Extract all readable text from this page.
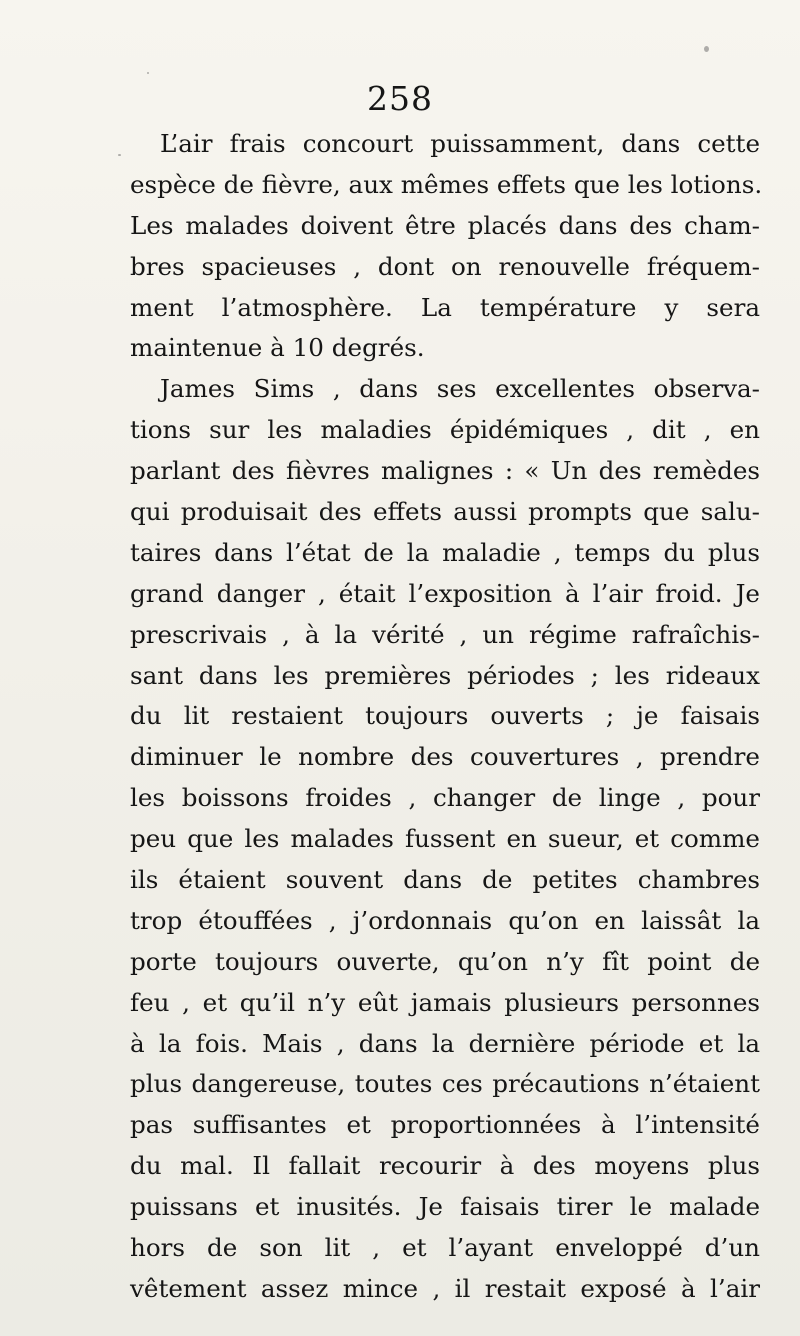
258
L’air frais concourt puissamment, dans cette
espèce de fièvre, aux mêmes effets que les lotions.
Les malades doivent être placés dans des cham-
bres spacieuses , dont on renouvelle fréquem-
ment l’atmosphère. La température y sera
maintenue à 10 degrés.
James Sims , dans ses excellentes observa-
tions sur les maladies épidémiques , dit , en
parlant des fièvres malignes : « Un des remèdes
qui produisait des effets aussi prompts que salu-
taires dans l’état de la maladie , temps du plus
grand danger , était l’exposition à l’air froid. Je
prescrivais , à la vérité , un régime rafraîchis-
sant dans les premières périodes ; les rideaux
du lit restaient toujours ouverts ; je faisais
diminuer le nombre des couvertures , prendre
les boissons froides , changer de linge , pour
peu que les malades fussent en sueur, et comme
ils étaient souvent dans de petites chambres
trop étouffées , j’ordonnais qu’on en laissât la
porte toujours ouverte, qu’on n’y fît point de
feu , et qu’il n’y eût jamais plusieurs personnes
à la fois. Mais , dans la dernière période et la
plus dangereuse, toutes ces précautions n’étaient
pas suffisantes et proportionnées à l’intensité
du mal. Il fallait recourir à des moyens plus
puissans et inusités. Je faisais tirer le malade
hors de son lit , et l’ayant enveloppé d’un
vêtement assez mince , il restait exposé à l’air
